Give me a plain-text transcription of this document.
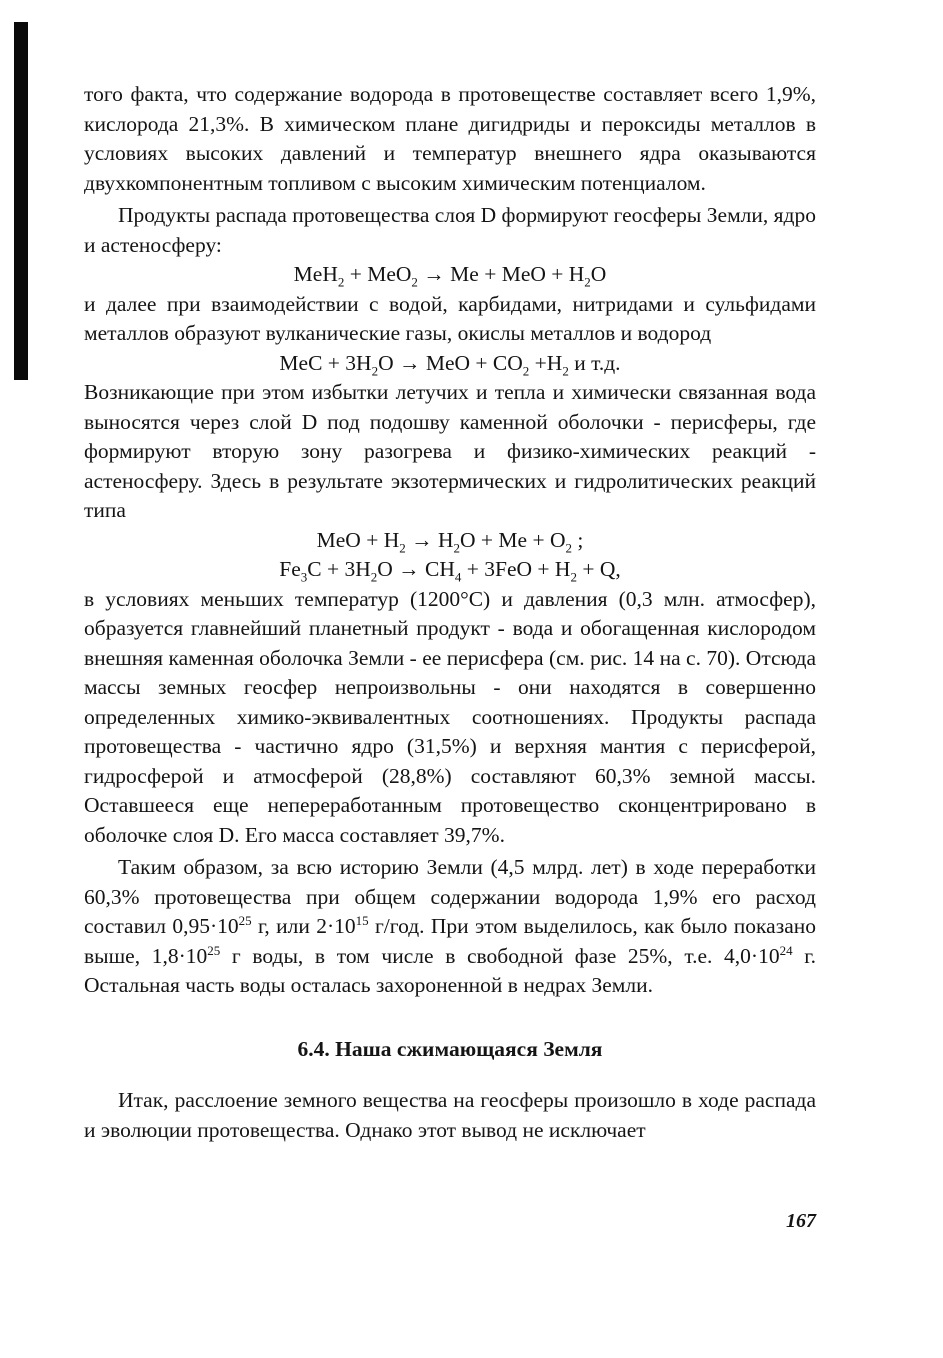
того факта, что содержание водорода в протовеществе составляет всего 1,9%, кислорода 21,3%. В химическом плане дигидриды и пероксиды металлов в условиях высоких давлений и температур внешнего ядра оказываются двухкомпонентным топливом с высоким химическим потенциалом.

Продукты распада протовещества слоя D формируют геосферы Земли, ядро и астеносферу:

MeH$_2$ + MeO$_2$ → Me + MeO + $H_2O$

и далее при взаимодействии с водой, карбидами, нитридами и сульфидами металлов образуют вулканические газы, окислы металлов и водород

MeC + $3H_2O$ → MeO + $CO_2 +H_2$ и т.д.

Возникающие при этом избытки летучих и тепла и химически связанная вода выносятся через слой D под подошву каменной оболочки - перисферы, где формируют вторую зону разогрева и физико-химических реакций - астеносферу. Здесь в результате экзотермических и гидролитических реакций типа

MeO + $H_2 \to H_2O + Me + O_2$ ;
$Fe_3C + 3H_2O \to CH_4 + 3FeO + H_2 + Q$,

в условиях меньших температур (1200°С) и давления (0,3 млн. атмосфер), образуется главнейший планетный продукт - вода и обогащенная кислородом внешняя каменная оболочка Земли - ее перисфера (см. рис. 14 на с. 70). Отсюда массы земных геосфер непроизвольны - они находятся в совершенно определенных химико-эквивалентных соотношениях. Продукты распада протовещества - частично ядро (31,5%) и верхняя мантия с перисферой, гидросферой и атмосферой (28,8%) составляют 60,3% земной массы. Оставшееся еще непереработанным протовещество сконцентрировано в оболочке слоя D. Его масса составляет 39,7%.

Таким образом, за всю историю Земли (4,5 млрд. лет) в ходе переработки 60,3% протовещества при общем содержании водорода 1,9% его расход составил $0,95\cdot 10^{25}$ г, или $2\cdot 10^{15}$ г/год. При этом выделилось, как было показано выше, $1,8\cdot 10^{25}$ г воды, в том числе в свободной фазе 25%, т.е. $4,0\cdot 10^{24}$ г. Остальная часть воды осталась захороненной в недрах Земли.

6.4. Наша сжимающаяся Земля

Итак, расслоение земного вещества на геосферы произошло в ходе распада и эволюции протовещества. Однако этот вывод не исключает

167
